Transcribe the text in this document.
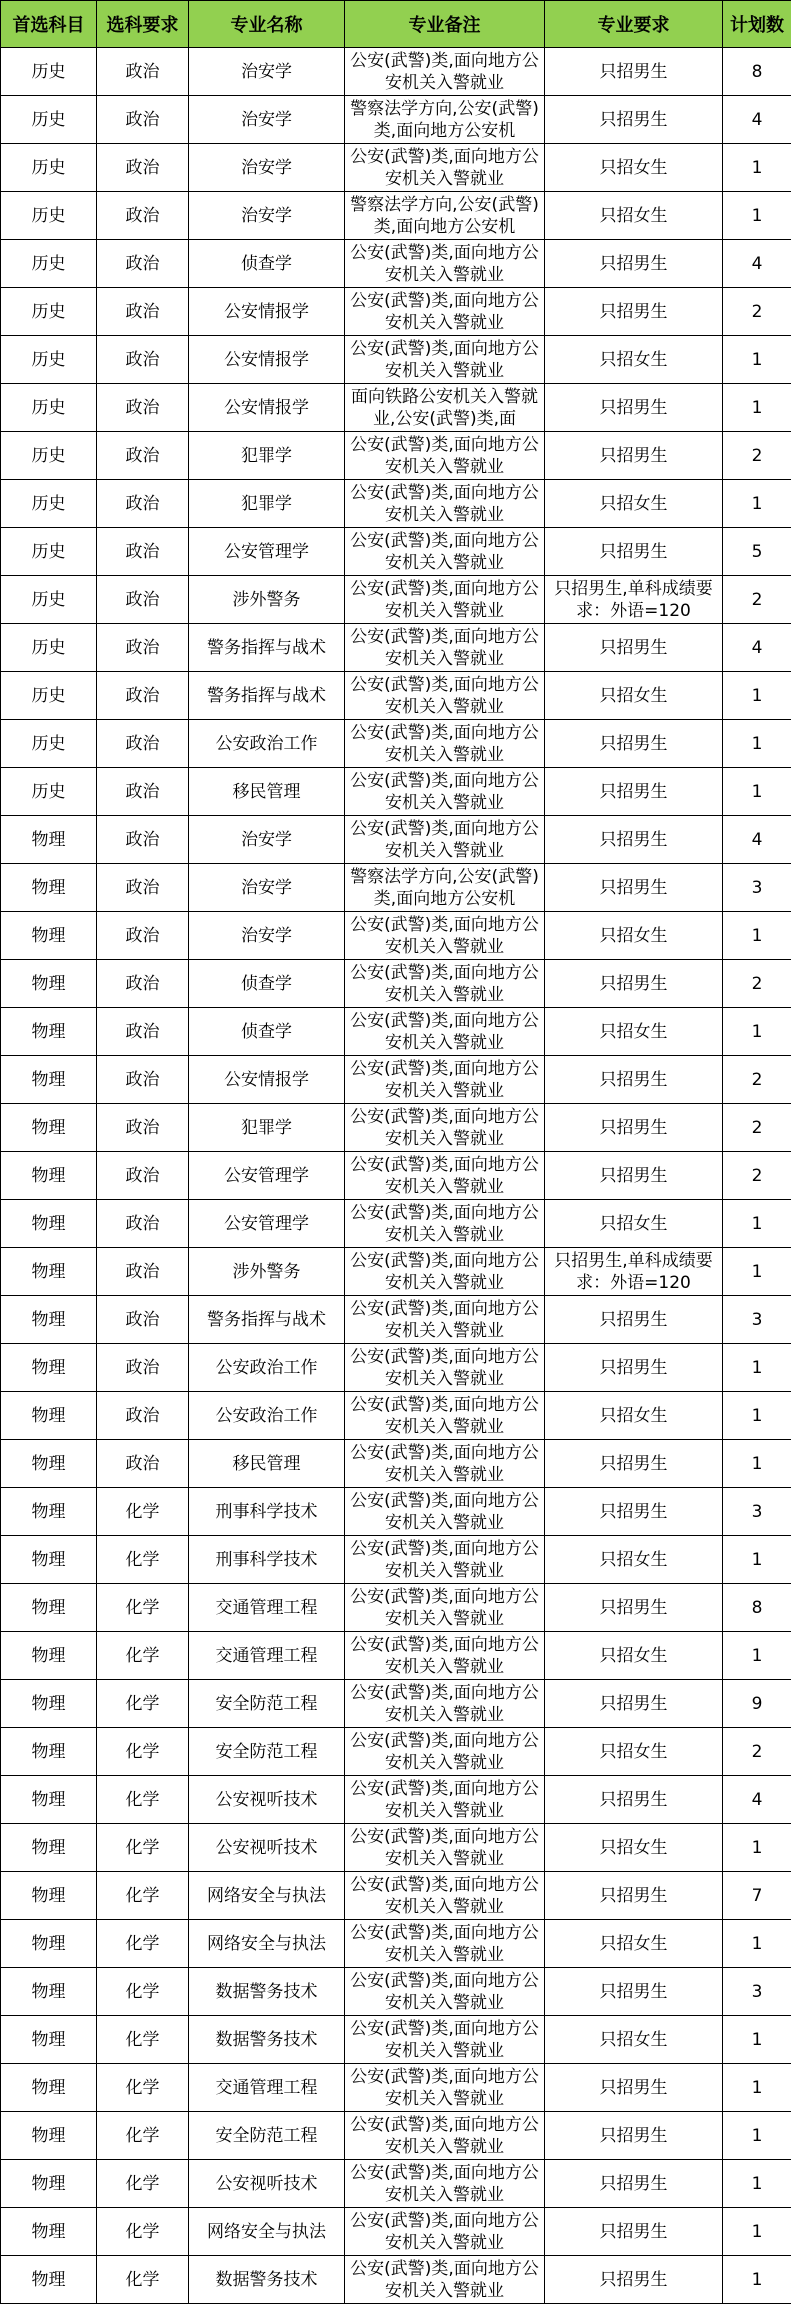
首选科目	选科要求	专业名称	专业备注	专业要求	计划数
历史	政治	治安学	公安(武警)类,面向地方公安机关入警就业	只招男生	8
历史	政治	治安学	警察法学方向,公安(武警)类,面向地方公安机	只招男生	4
历史	政治	治安学	公安(武警)类,面向地方公安机关入警就业	只招女生	1
历史	政治	治安学	警察法学方向,公安(武警)类,面向地方公安机	只招女生	1
历史	政治	侦查学	公安(武警)类,面向地方公安机关入警就业	只招男生	4
历史	政治	公安情报学	公安(武警)类,面向地方公安机关入警就业	只招男生	2
历史	政治	公安情报学	公安(武警)类,面向地方公安机关入警就业	只招女生	1
历史	政治	公安情报学	面向铁路公安机关入警就业,公安(武警)类,面	只招男生	1
历史	政治	犯罪学	公安(武警)类,面向地方公安机关入警就业	只招男生	2
历史	政治	犯罪学	公安(武警)类,面向地方公安机关入警就业	只招女生	1
历史	政治	公安管理学	公安(武警)类,面向地方公安机关入警就业	只招男生	5
历史	政治	涉外警务	公安(武警)类,面向地方公安机关入警就业	只招男生,单科成绩要求：外语=120	2
历史	政治	警务指挥与战术	公安(武警)类,面向地方公安机关入警就业	只招男生	4
历史	政治	警务指挥与战术	公安(武警)类,面向地方公安机关入警就业	只招女生	1
历史	政治	公安政治工作	公安(武警)类,面向地方公安机关入警就业	只招男生	1
历史	政治	移民管理	公安(武警)类,面向地方公安机关入警就业	只招男生	1
物理	政治	治安学	公安(武警)类,面向地方公安机关入警就业	只招男生	4
物理	政治	治安学	警察法学方向,公安(武警)类,面向地方公安机	只招男生	3
物理	政治	治安学	公安(武警)类,面向地方公安机关入警就业	只招女生	1
物理	政治	侦查学	公安(武警)类,面向地方公安机关入警就业	只招男生	2
物理	政治	侦查学	公安(武警)类,面向地方公安机关入警就业	只招女生	1
物理	政治	公安情报学	公安(武警)类,面向地方公安机关入警就业	只招男生	2
物理	政治	犯罪学	公安(武警)类,面向地方公安机关入警就业	只招男生	2
物理	政治	公安管理学	公安(武警)类,面向地方公安机关入警就业	只招男生	2
物理	政治	公安管理学	公安(武警)类,面向地方公安机关入警就业	只招女生	1
物理	政治	涉外警务	公安(武警)类,面向地方公安机关入警就业	只招男生,单科成绩要求：外语=120	1
物理	政治	警务指挥与战术	公安(武警)类,面向地方公安机关入警就业	只招男生	3
物理	政治	公安政治工作	公安(武警)类,面向地方公安机关入警就业	只招男生	1
物理	政治	公安政治工作	公安(武警)类,面向地方公安机关入警就业	只招女生	1
物理	政治	移民管理	公安(武警)类,面向地方公安机关入警就业	只招男生	1
物理	化学	刑事科学技术	公安(武警)类,面向地方公安机关入警就业	只招男生	3
物理	化学	刑事科学技术	公安(武警)类,面向地方公安机关入警就业	只招女生	1
物理	化学	交通管理工程	公安(武警)类,面向地方公安机关入警就业	只招男生	8
物理	化学	交通管理工程	公安(武警)类,面向地方公安机关入警就业	只招女生	1
物理	化学	安全防范工程	公安(武警)类,面向地方公安机关入警就业	只招男生	9
物理	化学	安全防范工程	公安(武警)类,面向地方公安机关入警就业	只招女生	2
物理	化学	公安视听技术	公安(武警)类,面向地方公安机关入警就业	只招男生	4
物理	化学	公安视听技术	公安(武警)类,面向地方公安机关入警就业	只招女生	1
物理	化学	网络安全与执法	公安(武警)类,面向地方公安机关入警就业	只招男生	7
物理	化学	网络安全与执法	公安(武警)类,面向地方公安机关入警就业	只招女生	1
物理	化学	数据警务技术	公安(武警)类,面向地方公安机关入警就业	只招男生	3
物理	化学	数据警务技术	公安(武警)类,面向地方公安机关入警就业	只招女生	1
物理	化学	交通管理工程	公安(武警)类,面向地方公安机关入警就业	只招男生	1
物理	化学	安全防范工程	公安(武警)类,面向地方公安机关入警就业	只招男生	1
物理	化学	公安视听技术	公安(武警)类,面向地方公安机关入警就业	只招男生	1
物理	化学	网络安全与执法	公安(武警)类,面向地方公安机关入警就业	只招男生	1
物理	化学	数据警务技术	公安(武警)类,面向地方公安机关入警就业	只招男生	1
